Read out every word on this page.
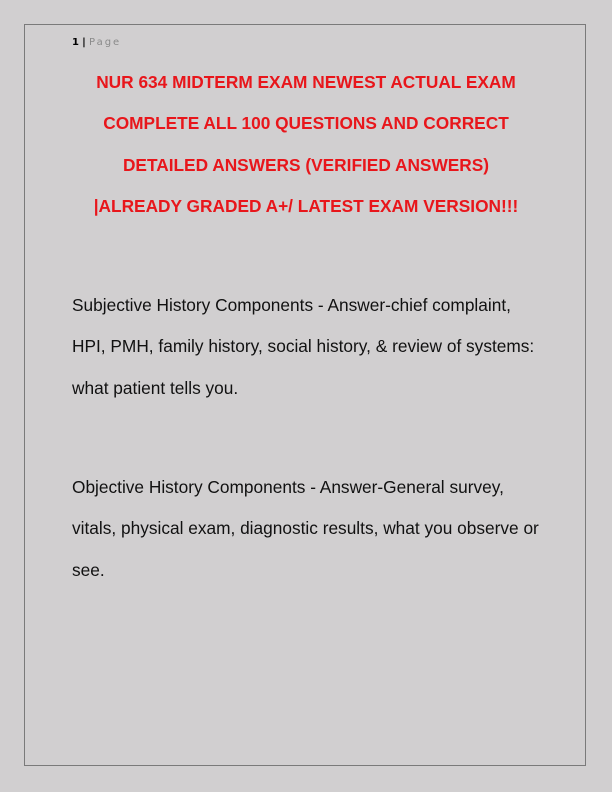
1 | Page

NUR 634 MIDTERM EXAM NEWEST ACTUAL EXAM

COMPLETE ALL 100 QUESTIONS AND CORRECT

DETAILED ANSWERS (VERIFIED ANSWERS)

|ALREADY GRADED A+/ LATEST EXAM VERSION!!!

Subjective History Components - Answer-chief complaint, HPI, PMH, family history, social history, & review of systems: what patient tells you.

Objective History Components - Answer-General survey, vitals, physical exam, diagnostic results, what you observe or see.
